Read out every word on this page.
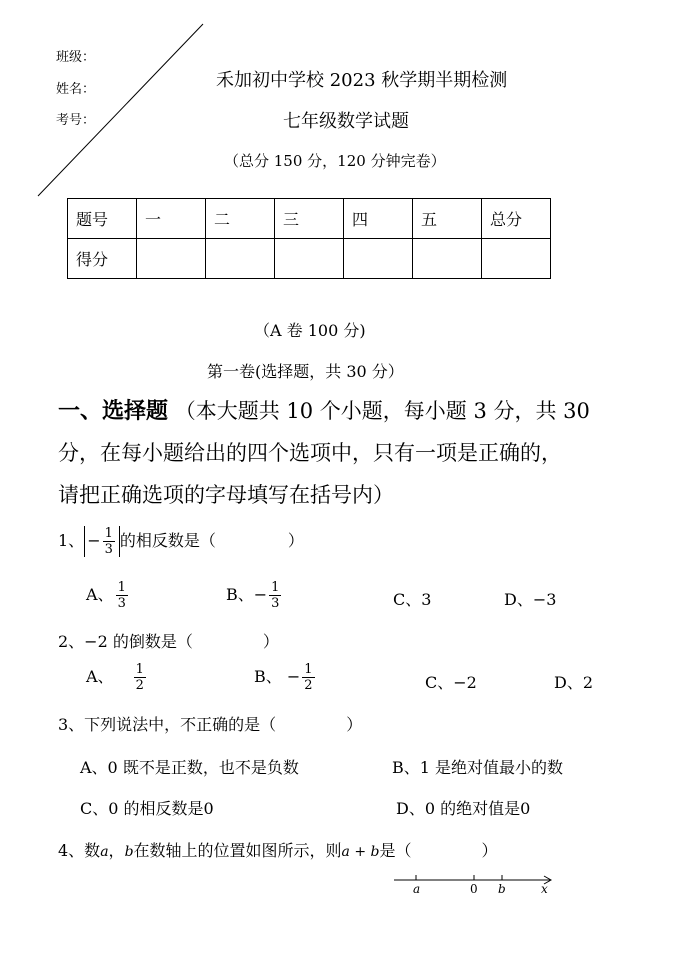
班级：
姓名：
考号：
禾加初中学校 2023 秋学期半期检测
七年级数学试题
（总分 150 分，120 分钟完卷）
题号	一	二	三	四	五	总分
得分						
（A 卷 100 分)
第一卷(选择题，共 30 分）
一、选择题 （本大题共 10 个小题，每小题 3 分，共 30
分，在每小题给出的四个选项中，只有一项是正确的，
请把正确选项的字母填写在括号内）
1、 − $\frac{1}{3}$ 的相反数是（	）
A、 $\frac{1}{3}$	B、− $\frac{1}{3}$	C、3	D、−3
2、−2 的倒数是（	）
A、 $\frac{1}{2}$	B、 − $\frac{1}{2}$	C、−2	D、2
3、下列说法中，不正确的是（	）
A、0 既不是正数，也不是负数	B、1 是绝对值最小的数
C、0 的相反数是0	D、0 的绝对值是0
4、数a，b在数轴上的位置如图所示，则a + b是（	）
a	0 b	x
